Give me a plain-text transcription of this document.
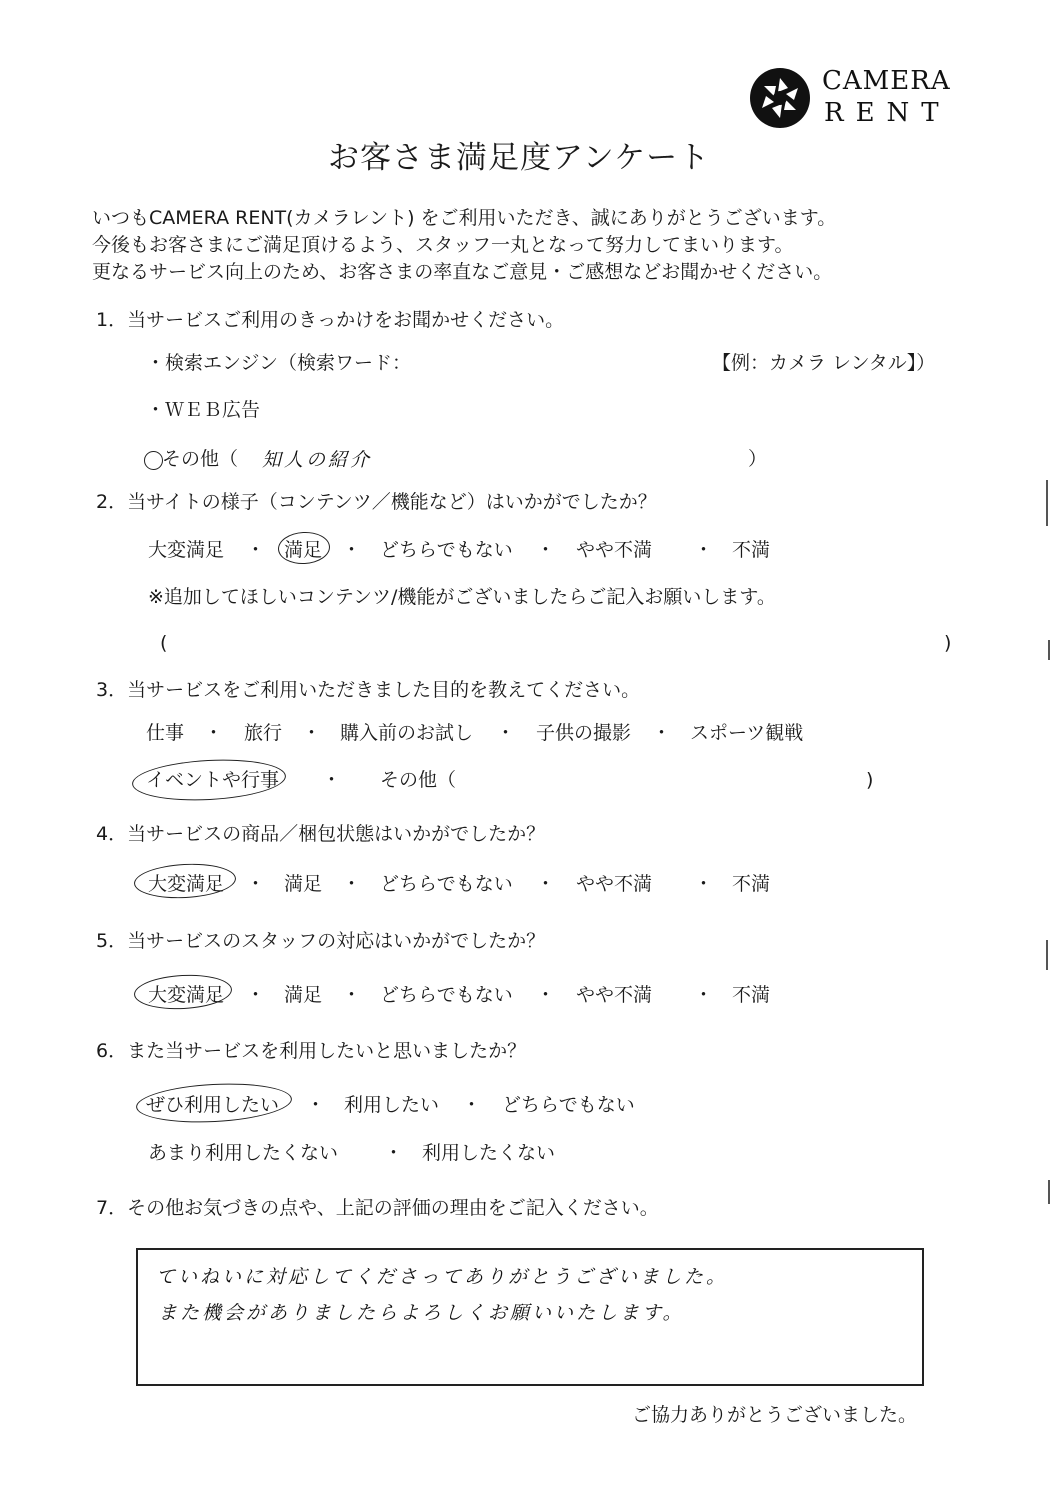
CAMERA
RENT
お客さま満足度アンケート
いつもCAMERA RENT(カメラレント) をご利用いただき、誠にありがとうございます。
今後もお客さまにご満足頂けるよう、スタッフ一丸となって努力してまいります。
更なるサービス向上のため、お客さまの率直なご意見・ご感想などお聞かせください。
1．当サービスご利用のきっかけをお聞かせください。
・検索エンジン（検索ワード：	【例：カメラ レンタル】）
・ＷＥＢ広告
その他（ 知人の紹介	）
2．当サイトの様子（コンテンツ／機能など）はいかがでしたか？
大変満足 ・ 満足 ・ どちらでもない ・ やや不満 ・ 不満
※追加してほしいコンテンツ/機能がございましたらご記入お願いします。
(	)
3．当サービスをご利用いただきました目的を教えてください。
仕事 ・ 旅行 ・ 購入前のお試し ・ 子供の撮影 ・ スポーツ観戦
イベントや行事 ・ その他（	)
4．当サービスの商品／梱包状態はいかがでしたか？
大変満足 ・ 満足 ・ どちらでもない ・ やや不満 ・ 不満
5．当サービスのスタッフの対応はいかがでしたか？
大変満足 ・ 満足 ・ どちらでもない ・ やや不満 ・ 不満
6．また当サービスを利用したいと思いましたか？
ぜひ利用したい ・ 利用したい ・ どちらでもない
あまり利用したくない ・ 利用したくない
7．その他お気づきの点や、上記の評価の理由をご記入ください。
ていねいに対応してくださってありがとうございました。
また機会がありましたらよろしくお願いいたします。
ご協力ありがとうございました。
